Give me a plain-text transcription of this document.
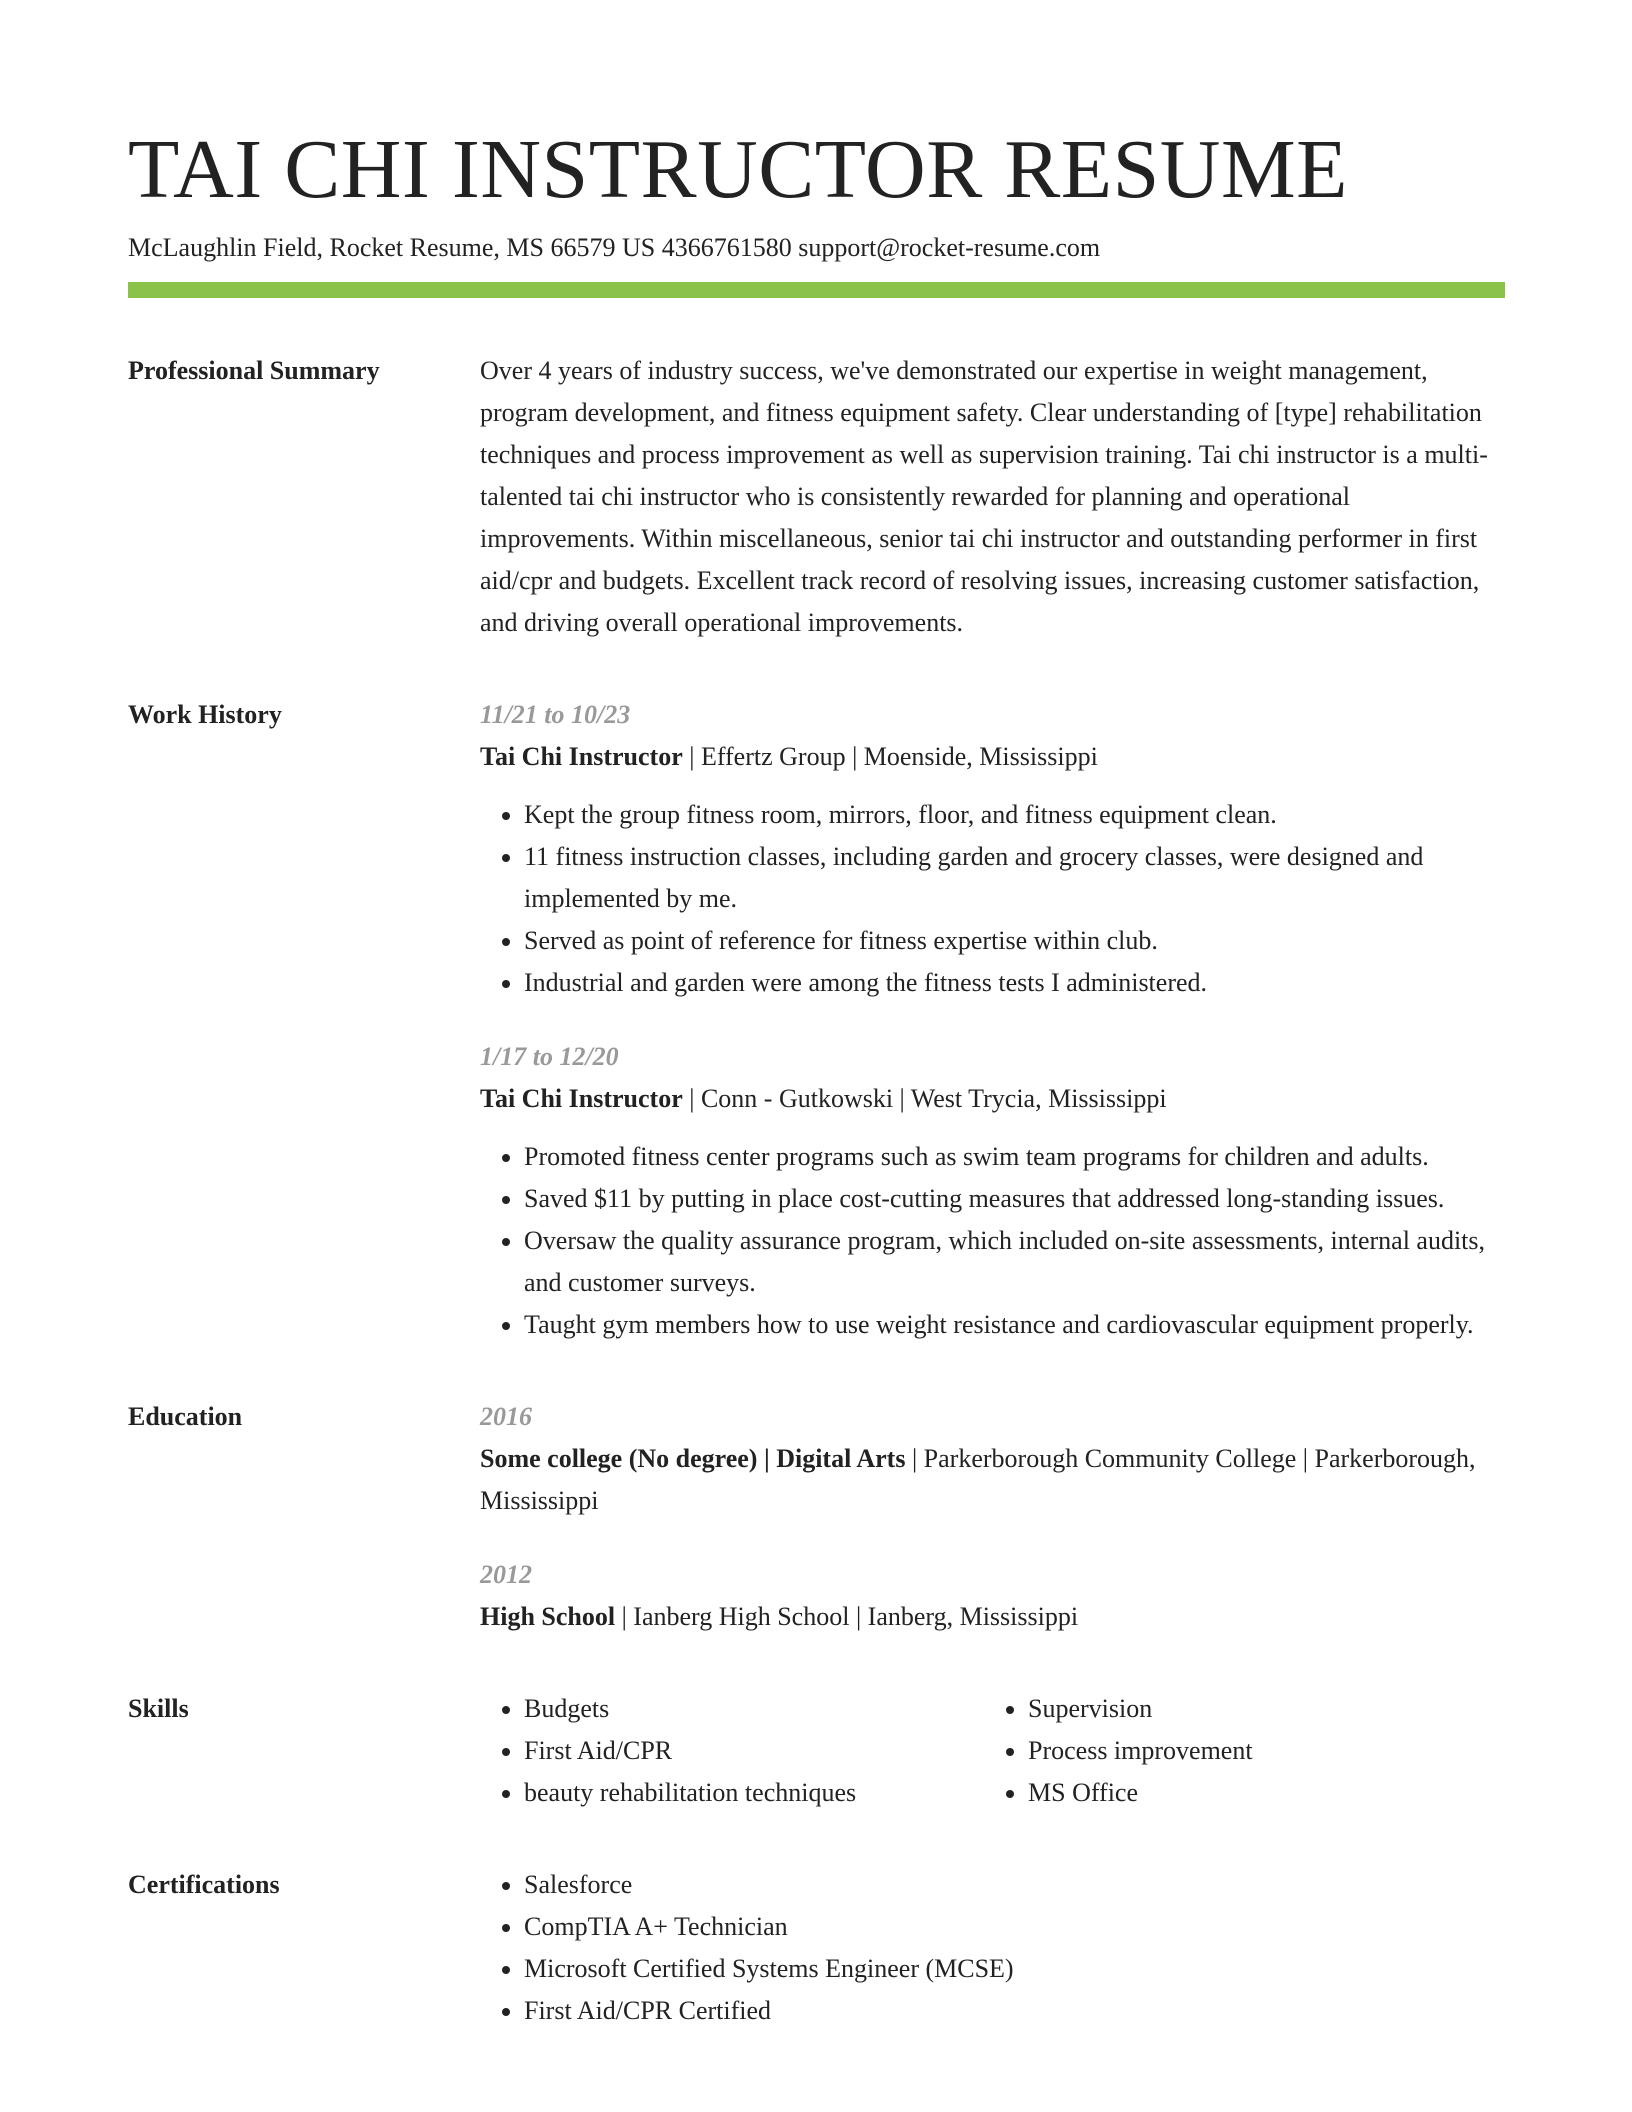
TAI CHI INSTRUCTOR RESUME
McLaughlin Field, Rocket Resume, MS 66579 US 4366761580 support@rocket-resume.com
Professional Summary	Over 4 years of industry success, we've demonstrated our expertise in weight management, program development, and fitness equipment safety. Clear understanding of [type] rehabilitation techniques and process improvement as well as supervision training. Tai chi instructor is a multi-talented tai chi instructor who is consistently rewarded for planning and operational improvements. Within miscellaneous, senior tai chi instructor and outstanding performer in first aid/cpr and budgets. Excellent track record of resolving issues, increasing customer satisfaction, and driving overall operational improvements.

Work History	11/21 to 10/23
Tai Chi Instructor | Effertz Group | Moenside, Mississippi
• Kept the group fitness room, mirrors, floor, and fitness equipment clean.
• 11 fitness instruction classes, including garden and grocery classes, were designed and implemented by me.
• Served as point of reference for fitness expertise within club.
• Industrial and garden were among the fitness tests I administered.
1/17 to 12/20
Tai Chi Instructor | Conn - Gutkowski | West Trycia, Mississippi
• Promoted fitness center programs such as swim team programs for children and adults.
• Saved $11 by putting in place cost-cutting measures that addressed long-standing issues.
• Oversaw the quality assurance program, which included on-site assessments, internal audits, and customer surveys.
• Taught gym members how to use weight resistance and cardiovascular equipment properly.
Education	2016
Some college (No degree) | Digital Arts | Parkerborough Community College | Parkerborough, Mississippi
2012
High School | Ianberg High School | Ianberg, Mississippi
Skills	• Budgets
• First Aid/CPR
• beauty rehabilitation techniques
• Supervision
• Process improvement
• MS Office
Certifications	• Salesforce
• CompTIA A+ Technician
• Microsoft Certified Systems Engineer (MCSE)
• First Aid/CPR Certified
